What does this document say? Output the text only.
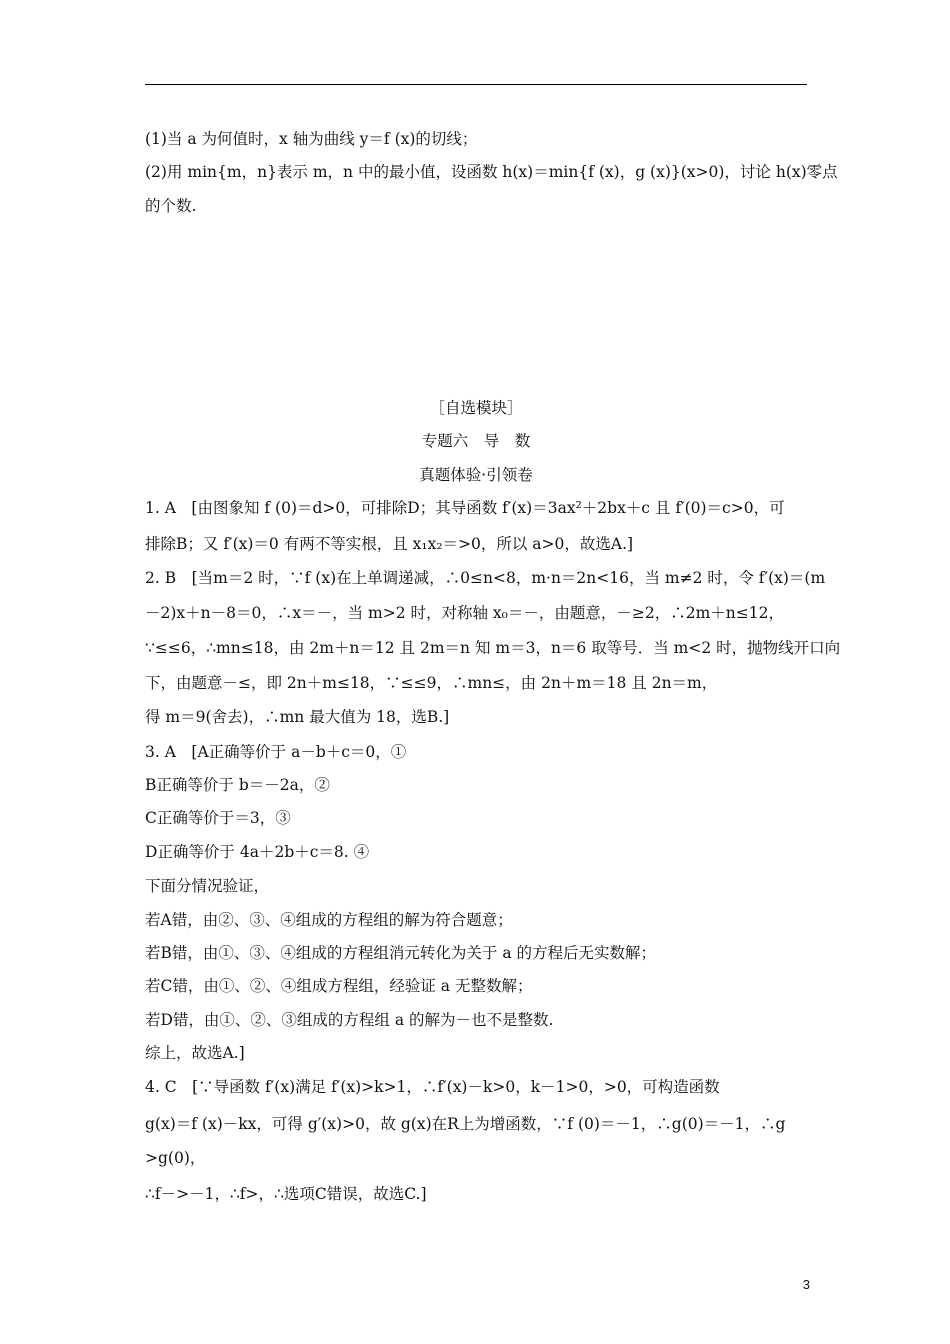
(1)当 a 为何值时，x 轴为曲线 y＝f (x)的切线；
(2)用 min{m，n}表示 m，n 中的最小值，设函数 h(x)＝min{f (x)，g (x)}(x>0)，讨论 h(x)零点
的个数.
［自选模块］
专题六　导　数
真题体验·引领卷
1. A　[由图象知 f (0)＝d>0，可排除D；其导函数 f′(x)＝3ax²＋2bx＋c 且 f′(0)＝c>0，可
排除B；又 f′(x)＝0 有两不等实根，且 x₁x₂＝>0，所以 a>0，故选A.]
2. B　[当m＝2 时，∵f (x)在上单调递减，∴0≤n<8，m·n＝2n<16，当 m≠2 时，令 f′(x)＝(m
－2)x＋n－8＝0，∴x＝－，当 m>2 时，对称轴 x₀＝－，由题意，－≥2，∴2m＋n≤12，
∵≤≤6，∴mn≤18，由 2m＋n＝12 且 2m＝n 知 m＝3，n＝6 取等号．当 m<2 时，抛物线开口向
下，由题意－≤，即 2n＋m≤18，∵≤≤9，∴mn≤，由 2n＋m＝18 且 2n＝m，
得 m＝9(舍去)，∴mn 最大值为 18，选B.]
3. A　[A正确等价于 a－b＋c＝0，①
B正确等价于 b＝－2a，②
C正确等价于＝3，③
D正确等价于 4a＋2b＋c＝8. ④
下面分情况验证，
若A错，由②、③、④组成的方程组的解为符合题意；
若B错，由①、③、④组成的方程组消元转化为关于 a 的方程后无实数解；
若C错，由①、②、④组成方程组，经验证 a 无整数解；
若D错，由①、②、③组成的方程组 a 的解为－也不是整数.
综上，故选A.]
4. C　[∵导函数 f′(x)满足 f′(x)>k>1，∴f′(x)－k>0，k－1>0，>0，可构造函数
g(x)＝f (x)－kx，可得 g′(x)>0，故 g(x)在R上为增函数，∵f (0)＝－1，∴g(0)＝－1，∴g
>g(0)，
∴f－>－1，∴f>，∴选项C错误，故选C.]
3
